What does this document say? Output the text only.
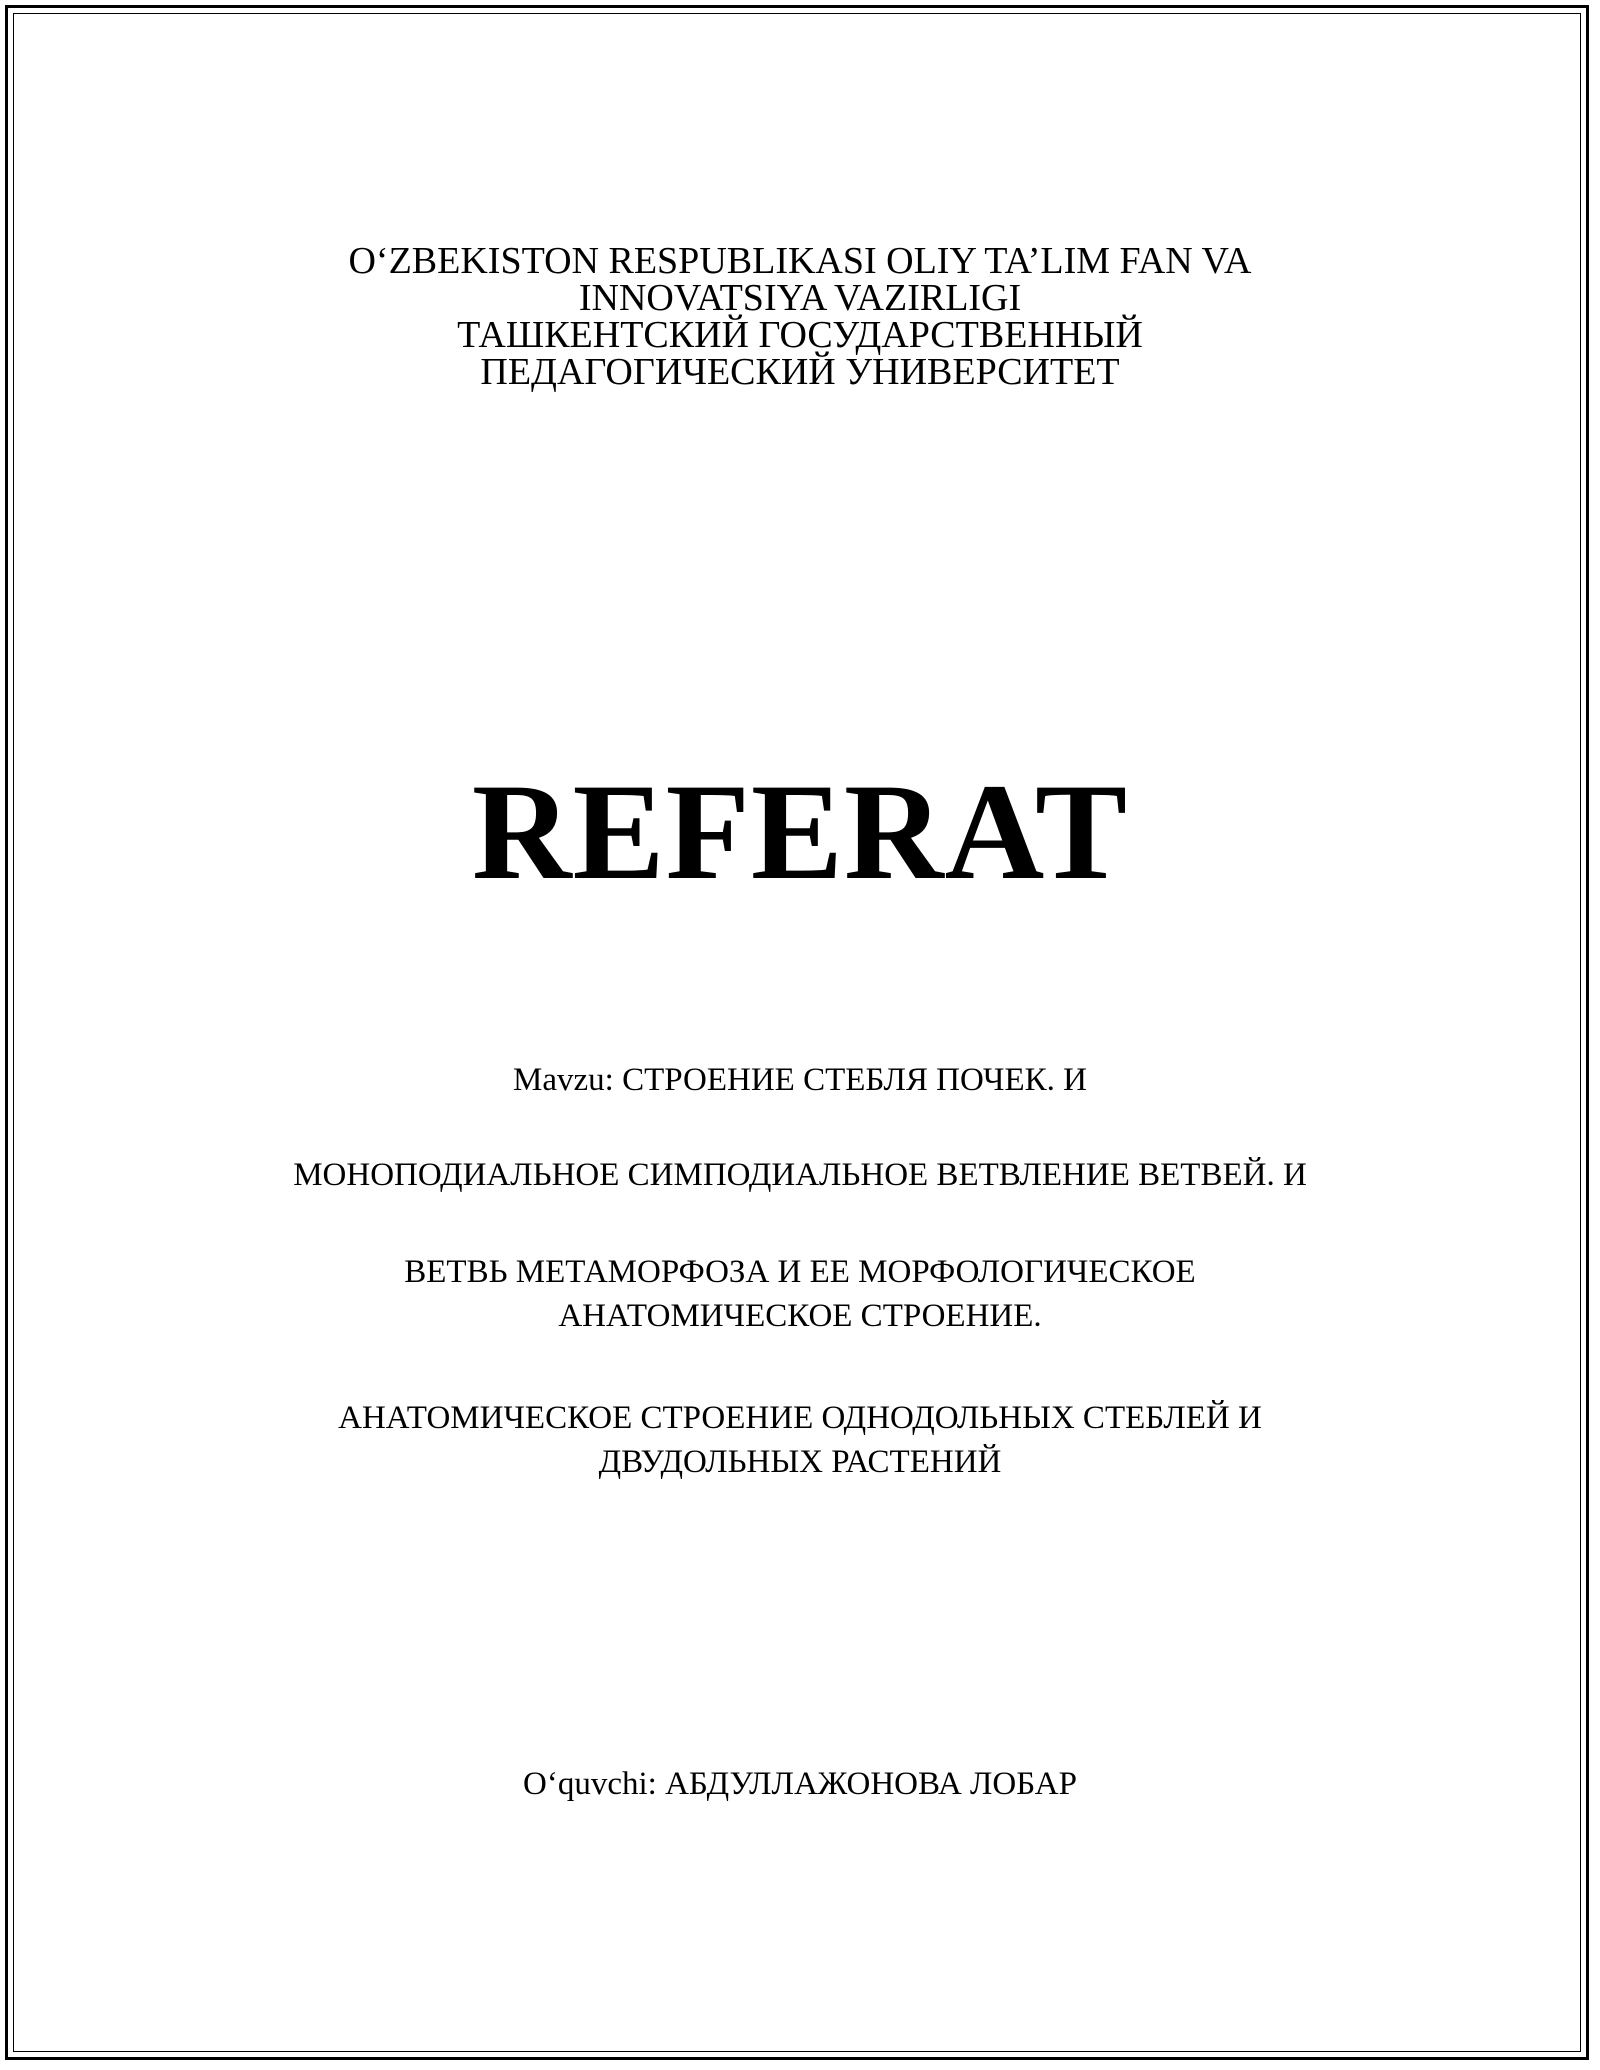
O‘ZBEKISTON RESPUBLIKASI OLIY TA’LIM FAN VA
INNOVATSIYA VAZIRLIGI
ТАШКЕНТСКИЙ ГОСУДАРСТВЕННЫЙ
ПЕДАГОГИЧЕСКИЙ УНИВЕРСИТЕТ
REFERAT
Mavzu: СТРОЕНИЕ СТЕБЛЯ ПОЧЕК. И
МОНОПОДИАЛЬНОЕ СИМПОДИАЛЬНОЕ ВЕТВЛЕНИЕ ВЕТВЕЙ. И
ВЕТВЬ МЕТАМОРФОЗА И ЕЕ МОРФОЛОГИЧЕСКОЕ
АНАТОМИЧЕСКОЕ СТРОЕНИЕ.
АНАТОМИЧЕСКОЕ СТРОЕНИЕ ОДНОДОЛЬНЫХ СТЕБЛЕЙ И
ДВУДОЛЬНЫХ РАСТЕНИЙ
O‘quvchi: АБДУЛЛАЖОНОВА ЛОБАР
